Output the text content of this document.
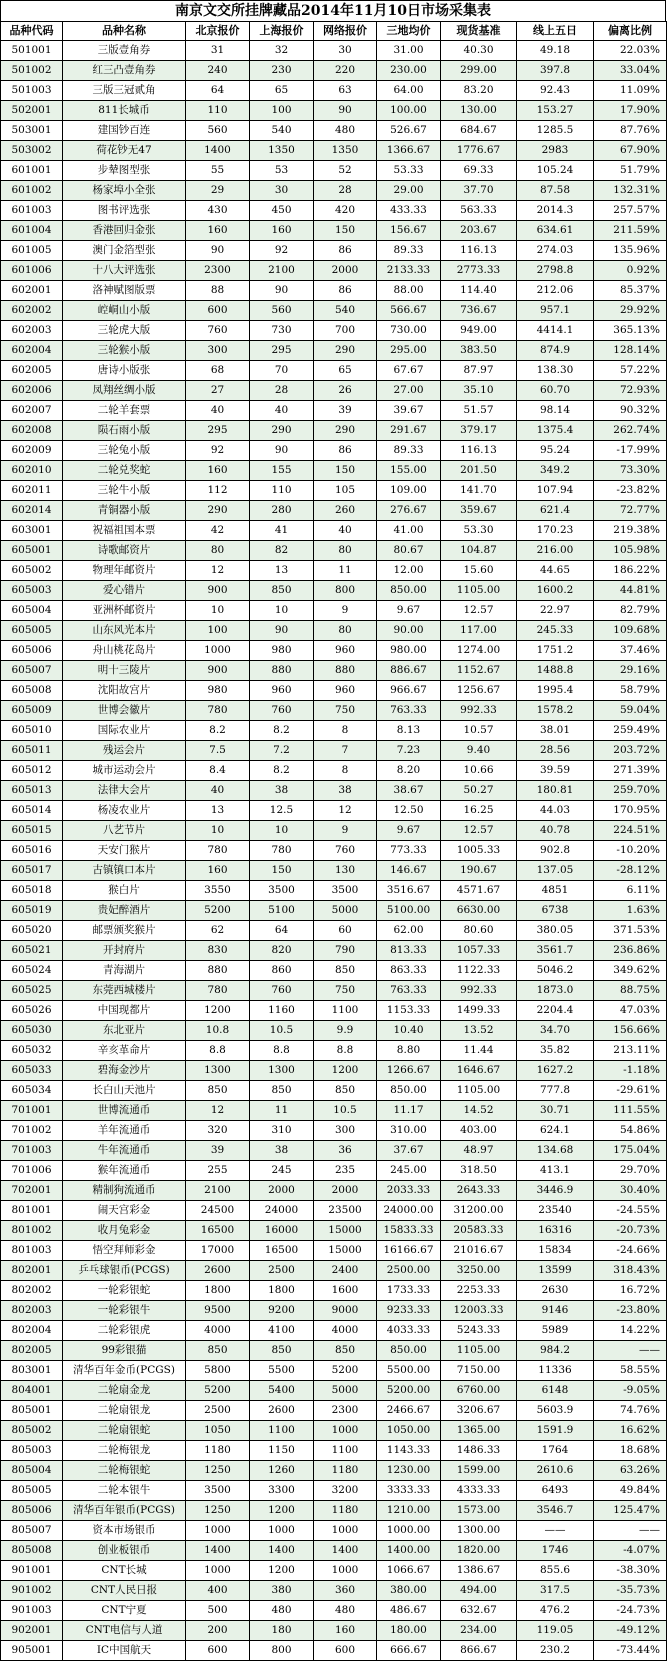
南京文交所挂牌藏品2014年11月10日市场采集表
品种代码	品种名称	北京报价	上海报价	网络报价	三地均价	现货基准	线上五日	偏离比例
501001	三版壹角券	31	32	30	31.00	40.30	49.18	22.03%
501002	红三凸壹角券	240	230	220	230.00	299.00	397.8	33.04%
501003	三版三冠贰角	64	65	63	64.00	83.20	92.43	11.09%
502001	811长城币	110	100	90	100.00	130.00	153.27	17.90%
503001	建国钞百连	560	540	480	526.67	684.67	1285.5	87.76%
503002	荷花钞无47	1400	1350	1350	1366.67	1776.67	2983	67.90%
601001	步辇图型张	55	53	52	53.33	69.33	105.24	51.79%
601002	杨家埠小全张	29	30	28	29.00	37.70	87.58	132.31%
601003	图书评选张	430	450	420	433.33	563.33	2014.3	257.57%
601004	香港回归金张	160	160	150	156.67	203.67	634.61	211.59%
601005	澳门金箔型张	90	92	86	89.33	116.13	274.03	135.96%
601006	十八大评选张	2300	2100	2000	2133.33	2773.33	2798.8	0.92%
602001	洛神赋图版票	88	90	86	88.00	114.40	212.06	85.37%
602002	崆峒山小版	600	560	540	566.67	736.67	957.1	29.92%
602003	三轮虎大版	760	730	700	730.00	949.00	4414.1	365.13%
602004	三轮猴小版	300	295	290	295.00	383.50	874.9	128.14%
602005	唐诗小版张	68	70	65	67.67	87.97	138.30	57.22%
602006	凤翔丝绸小版	27	28	26	27.00	35.10	60.70	72.93%
602007	二轮羊套票	40	40	39	39.67	51.57	98.14	90.32%
602008	陨石雨小版	295	290	290	291.67	379.17	1375.4	262.74%
602009	三轮兔小版	92	90	86	89.33	116.13	95.24	-17.99%
602010	二轮兑奖蛇	160	155	150	155.00	201.50	349.2	73.30%
602011	三轮牛小版	112	110	105	109.00	141.70	107.94	-23.82%
602014	青铜器小版	290	280	260	276.67	359.67	621.4	72.77%
603001	祝福祖国本票	42	41	40	41.00	53.30	170.23	219.38%
605001	诗歌邮资片	80	82	80	80.67	104.87	216.00	105.98%
605002	物理年邮资片	12	13	11	12.00	15.60	44.65	186.22%
605003	爱心错片	900	850	800	850.00	1105.00	1600.2	44.81%
605004	亚洲杯邮资片	10	10	9	9.67	12.57	22.97	82.79%
605005	山东风光本片	100	90	80	90.00	117.00	245.33	109.68%
605006	舟山桃花岛片	1000	980	960	980.00	1274.00	1751.2	37.46%
605007	明十三陵片	900	880	880	886.67	1152.67	1488.8	29.16%
605008	沈阳故宫片	980	960	960	966.67	1256.67	1995.4	58.79%
605009	世博会徽片	780	760	750	763.33	992.33	1578.2	59.04%
605010	国际农业片	8.2	8.2	8	8.13	10.57	38.01	259.49%
605011	残运会片	7.5	7.2	7	7.23	9.40	28.56	203.72%
605012	城市运动会片	8.4	8.2	8	8.20	10.66	39.59	271.39%
605013	法律大会片	40	38	38	38.67	50.27	180.81	259.70%
605014	杨凌农业片	13	12.5	12	12.50	16.25	44.03	170.95%
605015	八艺节片	10	10	9	9.67	12.57	40.78	224.51%
605016	天安门猴片	780	780	760	773.33	1005.33	902.8	-10.20%
605017	古镇镇口本片	160	150	130	146.67	190.67	137.05	-28.12%
605018	猴白片	3550	3500	3500	3516.67	4571.67	4851	6.11%
605019	贵妃醉酒片	5200	5100	5000	5100.00	6630.00	6738	1.63%
605020	邮票颁奖猴片	62	64	60	62.00	80.60	380.05	371.53%
605021	开封府片	830	820	790	813.33	1057.33	3561.7	236.86%
605024	青海湖片	880	860	850	863.33	1122.33	5046.2	349.62%
605025	东莞西城楼片	780	760	750	763.33	992.33	1873.0	88.75%
605026	中国现都片	1200	1160	1100	1153.33	1499.33	2204.4	47.03%
605030	东北亚片	10.8	10.5	9.9	10.40	13.52	34.70	156.66%
605032	辛亥革命片	8.8	8.8	8.8	8.80	11.44	35.82	213.11%
605033	碧海金沙片	1300	1300	1200	1266.67	1646.67	1627.2	-1.18%
605034	长白山天池片	850	850	850	850.00	1105.00	777.8	-29.61%
701001	世博流通币	12	11	10.5	11.17	14.52	30.71	111.55%
701002	羊年流通币	320	310	300	310.00	403.00	624.1	54.86%
701003	牛年流通币	39	38	36	37.67	48.97	134.68	175.04%
701006	猴年流通币	255	245	235	245.00	318.50	413.1	29.70%
702001	精制狗流通币	2100	2000	2000	2033.33	2643.33	3446.9	30.40%
801001	闹天宫彩金	24500	24000	23500	24000.00	31200.00	23540	-24.55%
801002	收月兔彩金	16500	16000	15000	15833.33	20583.33	16316	-20.73%
801003	悟空拜师彩金	17000	16500	15000	16166.67	21016.67	15834	-24.66%
802001	乒乓球银币(PCGS)	2600	2500	2400	2500.00	3250.00	13599	318.43%
802002	一轮彩银蛇	1800	1800	1600	1733.33	2253.33	2630	16.72%
802003	一轮彩银牛	9500	9200	9000	9233.33	12003.33	9146	-23.80%
802004	二轮彩银虎	4000	4100	4000	4033.33	5243.33	5989	14.22%
802005	99彩银猫	850	850	850	850.00	1105.00	984.2	——
803001	清华百年金币(PCGS)	5800	5500	5200	5500.00	7150.00	11336	58.55%
804001	二轮扇金龙	5200	5400	5000	5200.00	6760.00	6148	-9.05%
805001	二轮扇银龙	2500	2600	2300	2466.67	3206.67	5603.9	74.76%
805002	二轮扇银蛇	1050	1100	1000	1050.00	1365.00	1591.9	16.62%
805003	二轮梅银龙	1180	1150	1100	1143.33	1486.33	1764	18.68%
805004	二轮梅银蛇	1250	1260	1180	1230.00	1599.00	2610.6	63.26%
805005	二轮本银牛	3500	3300	3200	3333.33	4333.33	6493	49.84%
805006	清华百年银币(PCGS)	1250	1200	1180	1210.00	1573.00	3546.7	125.47%
805007	资本市场银币	1000	1000	1000	1000.00	1300.00	——	——
805008	创业板银币	1400	1400	1400	1400.00	1820.00	1746	-4.07%
901001	CNT长城	1000	1200	1000	1066.67	1386.67	855.6	-38.30%
901002	CNT人民日报	400	380	360	380.00	494.00	317.5	-35.73%
901003	CNT宁夏	500	480	480	486.67	632.67	476.2	-24.73%
902001	CNT电信与人道	200	180	160	180.00	234.00	119.05	-49.12%
905001	IC中国航天	600	800	600	666.67	866.67	230.2	-73.44%
